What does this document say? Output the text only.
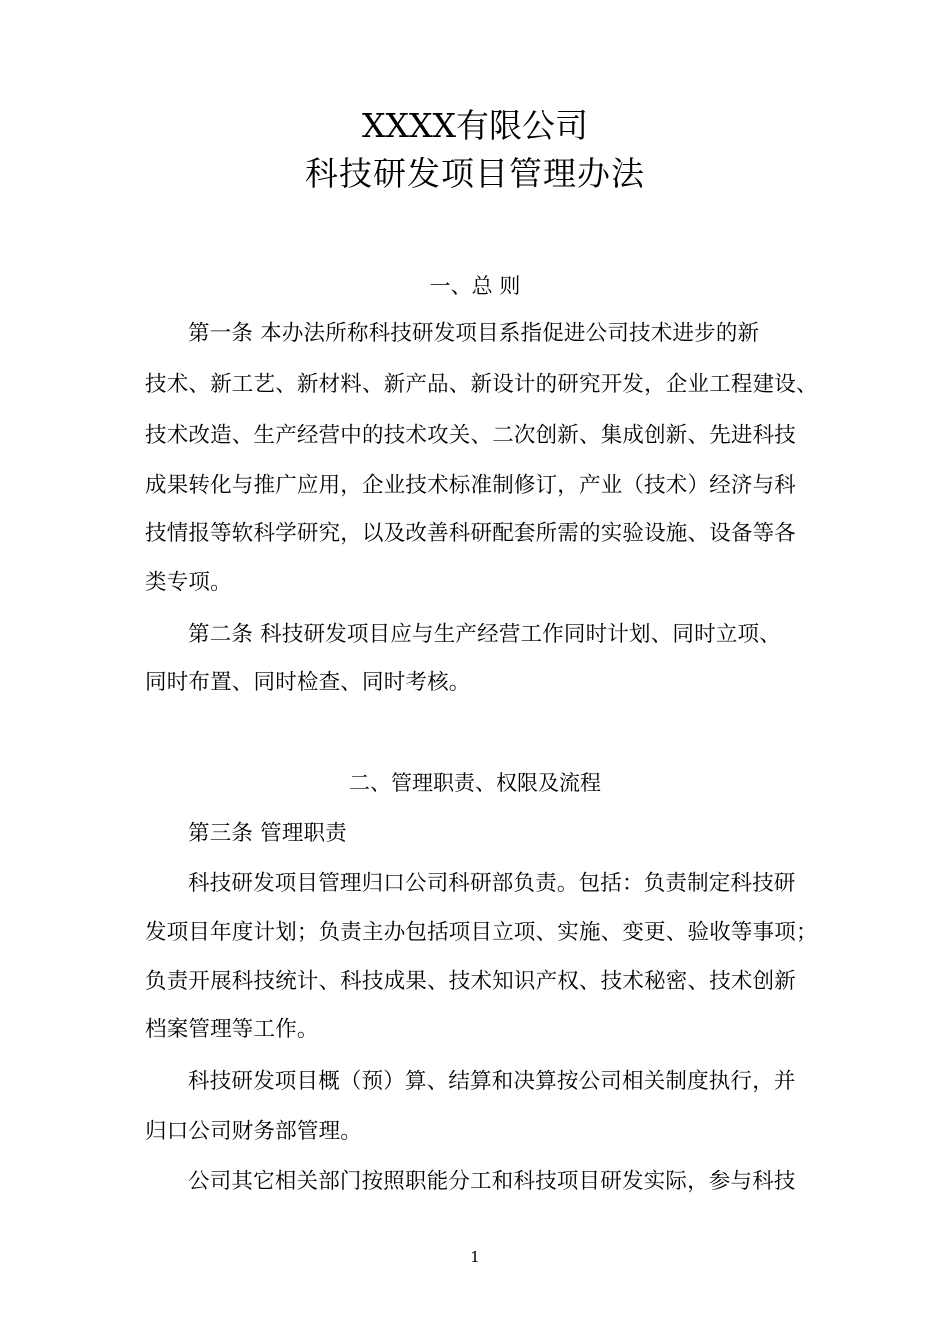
XXXX有限公司
科技研发项目管理办法
一、总 则
第一条 本办法所称科技研发项目系指促进公司技术进步的新
技术、新工艺、新材料、新产品、新设计的研究开发，企业工程建设、
技术改造、生产经营中的技术攻关、二次创新、集成创新、先进科技
成果转化与推广应用，企业技术标准制修订，产业（技术）经济与科
技情报等软科学研究，以及改善科研配套所需的实验设施、设备等各
类专项。
第二条 科技研发项目应与生产经营工作同时计划、同时立项、
同时布置、同时检查、同时考核。
二、管理职责、权限及流程
第三条 管理职责
科技研发项目管理归口公司科研部负责。包括：负责制定科技研
发项目年度计划；负责主办包括项目立项、实施、变更、验收等事项；
负责开展科技统计、科技成果、技术知识产权、技术秘密、技术创新
档案管理等工作。
科技研发项目概（预）算、结算和决算按公司相关制度执行，并
归口公司财务部管理。
公司其它相关部门按照职能分工和科技项目研发实际，参与科技
1
